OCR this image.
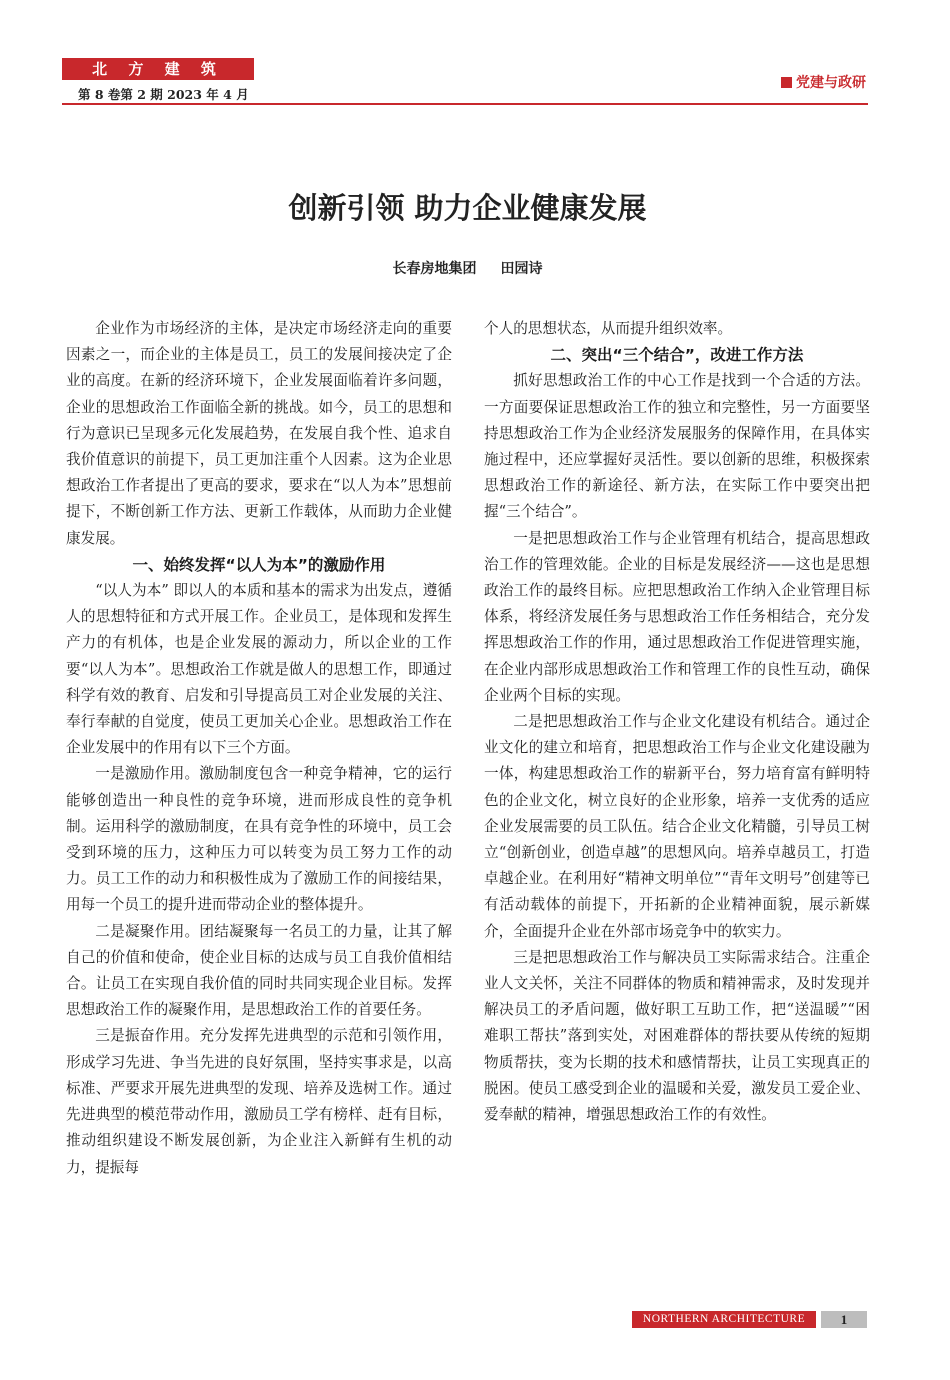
北 方 建 筑
第 8 卷第 2 期 2023 年 4 月
党建与政研
创新引领 助力企业健康发展
长春房地集团 田园诗

企业作为市场经济的主体，是决定市场经济走向的重要因素之一，而企业的主体是员工，员工的发展间接决定了企业的高度。在新的经济环境下，企业发展面临着许多问题，企业的思想政治工作面临全新的挑战。如今，员工的思想和行为意识已呈现多元化发展趋势，在发展自我个性、追求自我价值意识的前提下，员工更加注重个人因素。这为企业思想政治工作者提出了更高的要求，要求在“以人为本”思想前提下，不断创新工作方法、更新工作载体，从而助力企业健康发展。

一、始终发挥“以人为本”的激励作用

“以人为本” 即以人的本质和基本的需求为出发点，遵循人的思想特征和方式开展工作。企业员工，是体现和发挥生产力的有机体，也是企业发展的源动力，所以企业的工作要“以人为本”。思想政治工作就是做人的思想工作，即通过科学有效的教育、启发和引导提高员工对企业发展的关注、奉行奉献的自觉度，使员工更加关心企业。思想政治工作在企业发展中的作用有以下三个方面。

一是激励作用。激励制度包含一种竞争精神，它的运行能够创造出一种良性的竞争环境，进而形成良性的竞争机制。运用科学的激励制度，在具有竞争性的环境中，员工会受到环境的压力，这种压力可以转变为员工努力工作的动力。员工工作的动力和积极性成为了激励工作的间接结果，用每一个员工的提升进而带动企业的整体提升。

二是凝聚作用。团结凝聚每一名员工的力量，让其了解自己的价值和使命，使企业目标的达成与员工自我价值相结合。让员工在实现自我价值的同时共同实现企业目标。发挥思想政治工作的凝聚作用，是思想政治工作的首要任务。

三是振奋作用。充分发挥先进典型的示范和引领作用，形成学习先进、争当先进的良好氛围，坚持实事求是，以高标准、严要求开展先进典型的发现、培养及选树工作。通过先进典型的模范带动作用，激励员工学有榜样、赶有目标，推动组织建设不断发展创新，为企业注入新鲜有生机的动力，提振每

个人的思想状态，从而提升组织效率。

二、突出“三个结合”，改进工作方法

抓好思想政治工作的中心工作是找到一个合适的方法。一方面要保证思想政治工作的独立和完整性，另一方面要坚持思想政治工作为企业经济发展服务的保障作用，在具体实施过程中，还应掌握好灵活性。要以创新的思维，积极探索思想政治工作的新途径、新方法，在实际工作中要突出把握“三个结合”。

一是把思想政治工作与企业管理有机结合，提高思想政治工作的管理效能。企业的目标是发展经济——这也是思想政治工作的最终目标。应把思想政治工作纳入企业管理目标体系，将经济发展任务与思想政治工作任务相结合，充分发挥思想政治工作的作用，通过思想政治工作促进管理实施，在企业内部形成思想政治工作和管理工作的良性互动，确保企业两个目标的实现。

二是把思想政治工作与企业文化建设有机结合。通过企业文化的建立和培育，把思想政治工作与企业文化建设融为一体，构建思想政治工作的崭新平台，努力培育富有鲜明特色的企业文化，树立良好的企业形象，培养一支优秀的适应企业发展需要的员工队伍。结合企业文化精髓，引导员工树立“创新创业，创造卓越”的思想风向。培养卓越员工，打造卓越企业。在利用好“精神文明单位”“青年文明号”创建等已有活动载体的前提下，开拓新的企业精神面貌，展示新媒介，全面提升企业在外部市场竞争中的软实力。

三是把思想政治工作与解决员工实际需求结合。注重企业人文关怀，关注不同群体的物质和精神需求，及时发现并解决员工的矛盾问题，做好职工互助工作，把“送温暖”“困难职工帮扶”落到实处，对困难群体的帮扶要从传统的短期物质帮扶，变为长期的技术和感情帮扶，让员工实现真正的脱困。使员工感受到企业的温暖和关爱，激发员工爱企业、爱奉献的精神，增强思想政治工作的有效性。

NORTHERN ARCHITECTURE	1
